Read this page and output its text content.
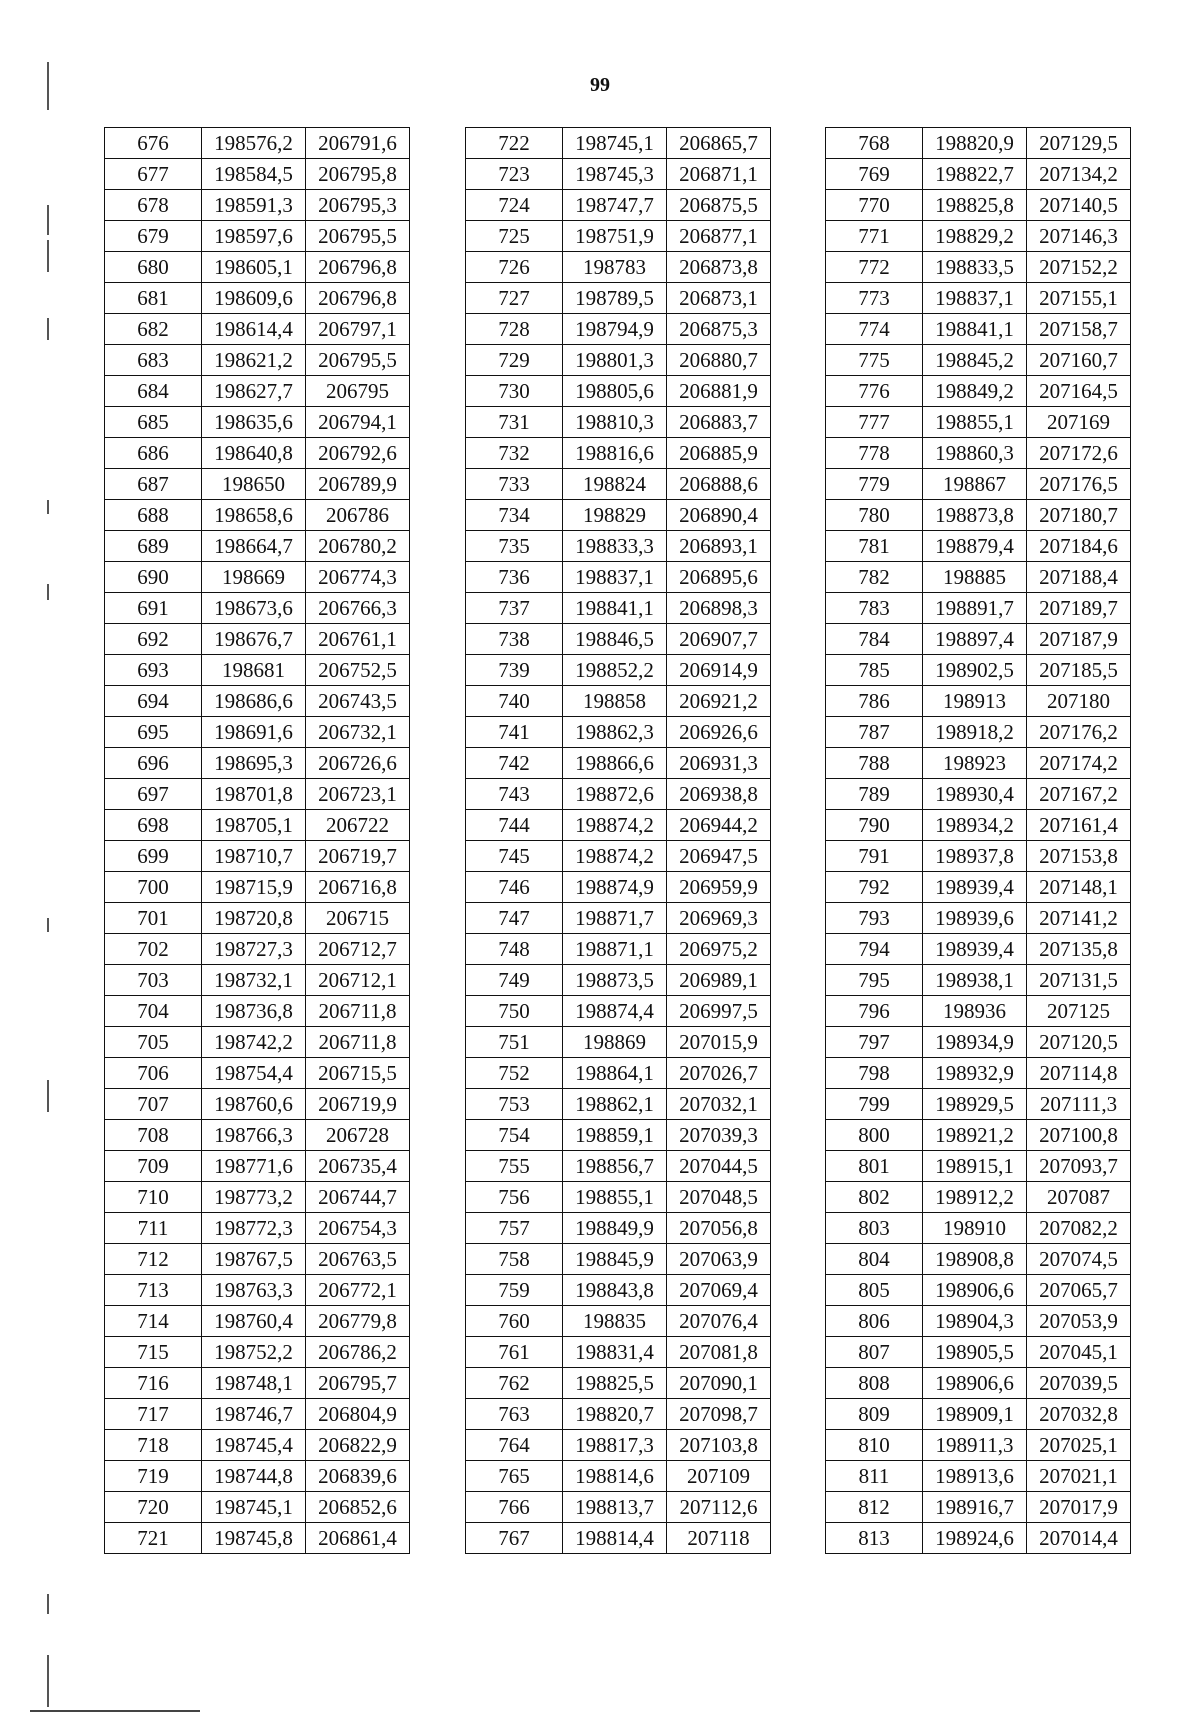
99
676	198576,2	206791,6
677	198584,5	206795,8
678	198591,3	206795,3
679	198597,6	206795,5
680	198605,1	206796,8
681	198609,6	206796,8
682	198614,4	206797,1
683	198621,2	206795,5
684	198627,7	206795
685	198635,6	206794,1
686	198640,8	206792,6
687	198650	206789,9
688	198658,6	206786
689	198664,7	206780,2
690	198669	206774,3
691	198673,6	206766,3
692	198676,7	206761,1
693	198681	206752,5
694	198686,6	206743,5
695	198691,6	206732,1
696	198695,3	206726,6
697	198701,8	206723,1
698	198705,1	206722
699	198710,7	206719,7
700	198715,9	206716,8
701	198720,8	206715
702	198727,3	206712,7
703	198732,1	206712,1
704	198736,8	206711,8
705	198742,2	206711,8
706	198754,4	206715,5
707	198760,6	206719,9
708	198766,3	206728
709	198771,6	206735,4
710	198773,2	206744,7
711	198772,3	206754,3
712	198767,5	206763,5
713	198763,3	206772,1
714	198760,4	206779,8
715	198752,2	206786,2
716	198748,1	206795,7
717	198746,7	206804,9
718	198745,4	206822,9
719	198744,8	206839,6
720	198745,1	206852,6
721	198745,8	206861,4
722	198745,1	206865,7
723	198745,3	206871,1
724	198747,7	206875,5
725	198751,9	206877,1
726	198783	206873,8
727	198789,5	206873,1
728	198794,9	206875,3
729	198801,3	206880,7
730	198805,6	206881,9
731	198810,3	206883,7
732	198816,6	206885,9
733	198824	206888,6
734	198829	206890,4
735	198833,3	206893,1
736	198837,1	206895,6
737	198841,1	206898,3
738	198846,5	206907,7
739	198852,2	206914,9
740	198858	206921,2
741	198862,3	206926,6
742	198866,6	206931,3
743	198872,6	206938,8
744	198874,2	206944,2
745	198874,2	206947,5
746	198874,9	206959,9
747	198871,7	206969,3
748	198871,1	206975,2
749	198873,5	206989,1
750	198874,4	206997,5
751	198869	207015,9
752	198864,1	207026,7
753	198862,1	207032,1
754	198859,1	207039,3
755	198856,7	207044,5
756	198855,1	207048,5
757	198849,9	207056,8
758	198845,9	207063,9
759	198843,8	207069,4
760	198835	207076,4
761	198831,4	207081,8
762	198825,5	207090,1
763	198820,7	207098,7
764	198817,3	207103,8
765	198814,6	207109
766	198813,7	207112,6
767	198814,4	207118
768	198820,9	207129,5
769	198822,7	207134,2
770	198825,8	207140,5
771	198829,2	207146,3
772	198833,5	207152,2
773	198837,1	207155,1
774	198841,1	207158,7
775	198845,2	207160,7
776	198849,2	207164,5
777	198855,1	207169
778	198860,3	207172,6
779	198867	207176,5
780	198873,8	207180,7
781	198879,4	207184,6
782	198885	207188,4
783	198891,7	207189,7
784	198897,4	207187,9
785	198902,5	207185,5
786	198913	207180
787	198918,2	207176,2
788	198923	207174,2
789	198930,4	207167,2
790	198934,2	207161,4
791	198937,8	207153,8
792	198939,4	207148,1
793	198939,6	207141,2
794	198939,4	207135,8
795	198938,1	207131,5
796	198936	207125
797	198934,9	207120,5
798	198932,9	207114,8
799	198929,5	207111,3
800	198921,2	207100,8
801	198915,1	207093,7
802	198912,2	207087
803	198910	207082,2
804	198908,8	207074,5
805	198906,6	207065,7
806	198904,3	207053,9
807	198905,5	207045,1
808	198906,6	207039,5
809	198909,1	207032,8
810	198911,3	207025,1
811	198913,6	207021,1
812	198916,7	207017,9
813	198924,6	207014,4
